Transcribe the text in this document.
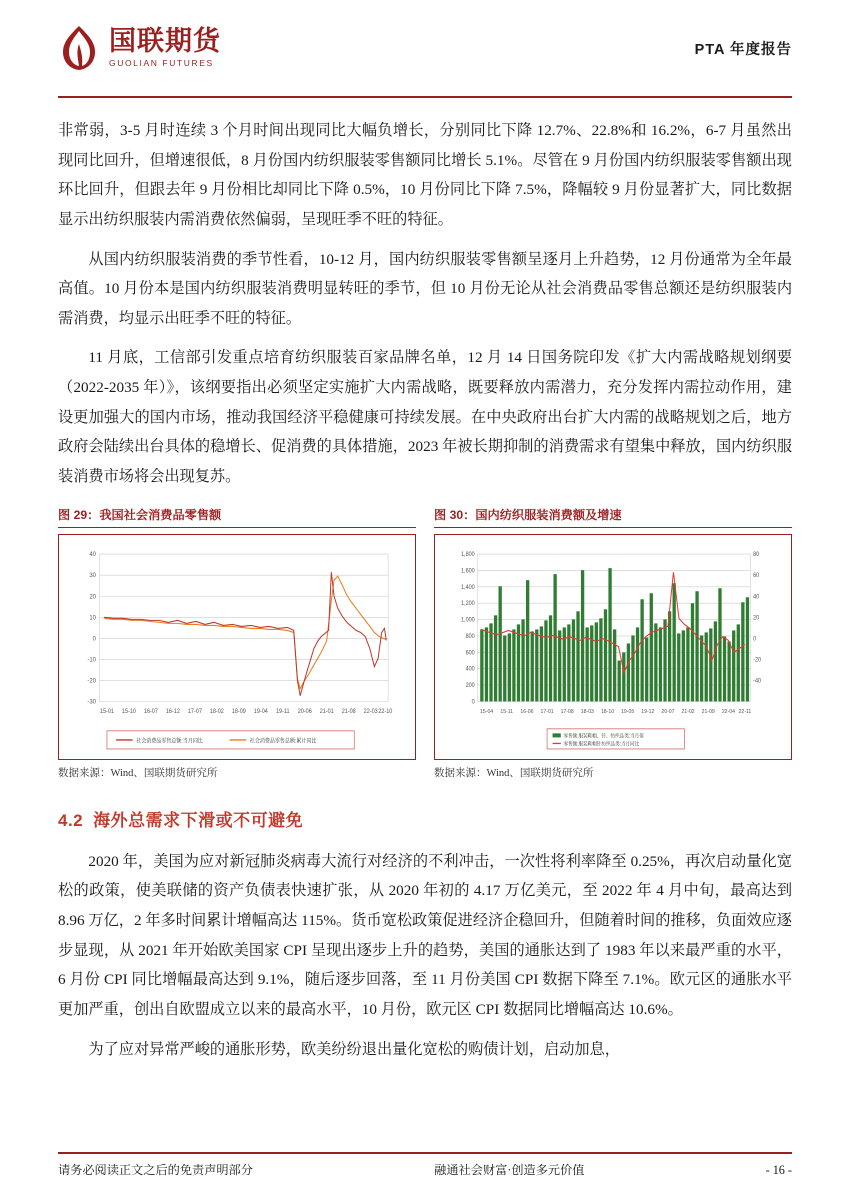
国联期货
GUOLIAN FUTURES
PTA 年度报告

非常弱，3-5 月时连续 3 个月时间出现同比大幅负增长，分别同比下降 12.7%、22.8%和 16.2%，6-7 月虽然出现同比回升，但增速很低，8 月份国内纺织服装零售额同比增长 5.1%。尽管在 9 月份国内纺织服装零售额出现环比回升，但跟去年 9 月份相比却同比下降 0.5%，10 月份同比下降 7.5%，降幅较 9 月份显著扩大，同比数据显示出纺织服装内需消费依然偏弱，呈现旺季不旺的特征。

从国内纺织服装消费的季节性看，10-12 月，国内纺织服装零售额呈逐月上升趋势，12 月份通常为全年最高值。10 月份本是国内纺织服装消费明显转旺的季节，但 10 月份无论从社会消费品零售总额还是纺织服装内需消费，均显示出旺季不旺的特征。

11 月底，工信部引发重点培育纺织服装百家品牌名单，12 月 14 日国务院印发《扩大内需战略规划纲要（2022-2035 年）》，该纲要指出必须坚定实施扩大内需战略，既要释放内需潜力，充分发挥内需拉动作用，建设更加强大的国内市场，推动我国经济平稳健康可持续发展。在中央政府出台扩大内需的战略规划之后，地方政府会陆续出台具体的稳增长、促消费的具体措施，2023 年被长期抑制的消费需求有望集中释放，国内纺织服装消费市场将会出现复苏。

图 29：我国社会消费品零售额
40
30
20
10
0
-10
-20
-30
15-01 15-10 16-07 16-12 17-07 18-02 18-09 19-04 19-11 20-06 21-01 21-08 22-03 22-10
社会消费品零售总额:当月同比	社会消费品零售总额:累计同比
数据来源：Wind、国联期货研究所
图 30：国内纺织服装消费额及增速
1,800
1,600
1,400
1,200
1,000
800
600
400
200
0
80
60
40
20
0
-20
-40
15-04 15-11 16-06 17-01 17-08 18-03 18-10 19-05 19-12 20-07 21-02 21-09 22-04 22-11
零售额:服装鞋帽、针、纺织品类:当月值
零售额:服装鞋帽针纺织品类:当月同比
数据来源：Wind、国联期货研究所
4.2 海外总需求下滑或不可避免

2020 年，美国为应对新冠肺炎病毒大流行对经济的不利冲击，一次性将利率降至 0.25%，再次启动量化宽松的政策，使美联储的资产负债表快速扩张，从 2020 年初的 4.17 万亿美元，至 2022 年 4 月中旬，最高达到 8.96 万亿，2 年多时间累计增幅高达 115%。货币宽松政策促进经济企稳回升，但随着时间的推移，负面效应逐步显现，从 2021 年开始欧美国家 CPI 呈现出逐步上升的趋势，美国的通胀达到了 1983 年以来最严重的水平，6 月份 CPI 同比增幅最高达到 9.1%，随后逐步回落，至 11 月份美国 CPI 数据下降至 7.1%。欧元区的通胀水平更加严重，创出自欧盟成立以来的最高水平，10 月份，欧元区 CPI 数据同比增幅高达 10.6%。

为了应对异常严峻的通胀形势，欧美纷纷退出量化宽松的购债计划，启动加息，

请务必阅读正文之后的免责声明部分	融通社会财富·创造多元价值	- 16 -
